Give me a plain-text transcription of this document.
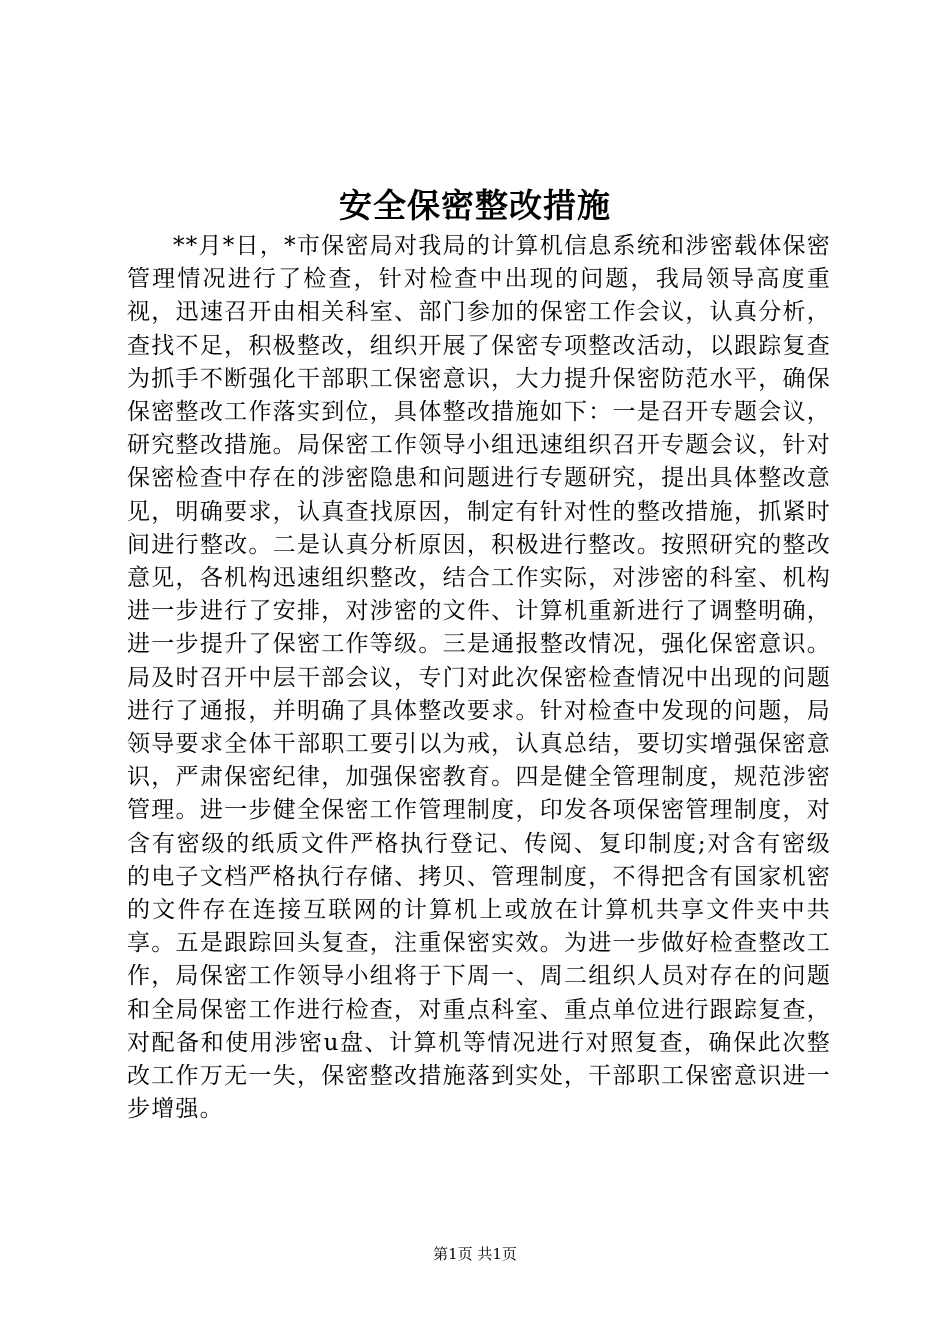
安全保密整改措施

**月*日，*市保密局对我局的计算机信息系统和涉密载体保密管理情况进行了检查，针对检查中出现的问题，我局领导高度重视，迅速召开由相关科室、部门参加的保密工作会议，认真分析，查找不足，积极整改，组织开展了保密专项整改活动，以跟踪复查为抓手不断强化干部职工保密意识，大力提升保密防范水平，确保保密整改工作落实到位，具体整改措施如下：一是召开专题会议，研究整改措施。局保密工作领导小组迅速组织召开专题会议，针对保密检查中存在的涉密隐患和问题进行专题研究，提出具体整改意见，明确要求，认真查找原因，制定有针对性的整改措施，抓紧时间进行整改。二是认真分析原因，积极进行整改。按照研究的整改意见，各机构迅速组织整改，结合工作实际，对涉密的科室、机构进一步进行了安排，对涉密的文件、计算机重新进行了调整明确，进一步提升了保密工作等级。三是通报整改情况，强化保密意识。局及时召开中层干部会议，专门对此次保密检查情况中出现的问题进行了通报，并明确了具体整改要求。针对检查中发现的问题，局领导要求全体干部职工要引以为戒，认真总结，要切实增强保密意识，严肃保密纪律，加强保密教育。四是健全管理制度，规范涉密管理。进一步健全保密工作管理制度，印发各项保密管理制度，对含有密级的纸质文件严格执行登记、传阅、复印制度;对含有密级的电子文档严格执行存储、拷贝、管理制度，不得把含有国家机密的文件存在连接互联网的计算机上或放在计算机共享文件夹中共享。五是跟踪回头复查，注重保密实效。为进一步做好检查整改工作，局保密工作领导小组将于下周一、周二组织人员对存在的问题和全局保密工作进行检查，对重点科室、重点单位进行跟踪复查，对配备和使用涉密u盘、计算机等情况进行对照复查，确保此次整改工作万无一失，保密整改措施落到实处，干部职工保密意识进一步增强。

第1页 共1页
